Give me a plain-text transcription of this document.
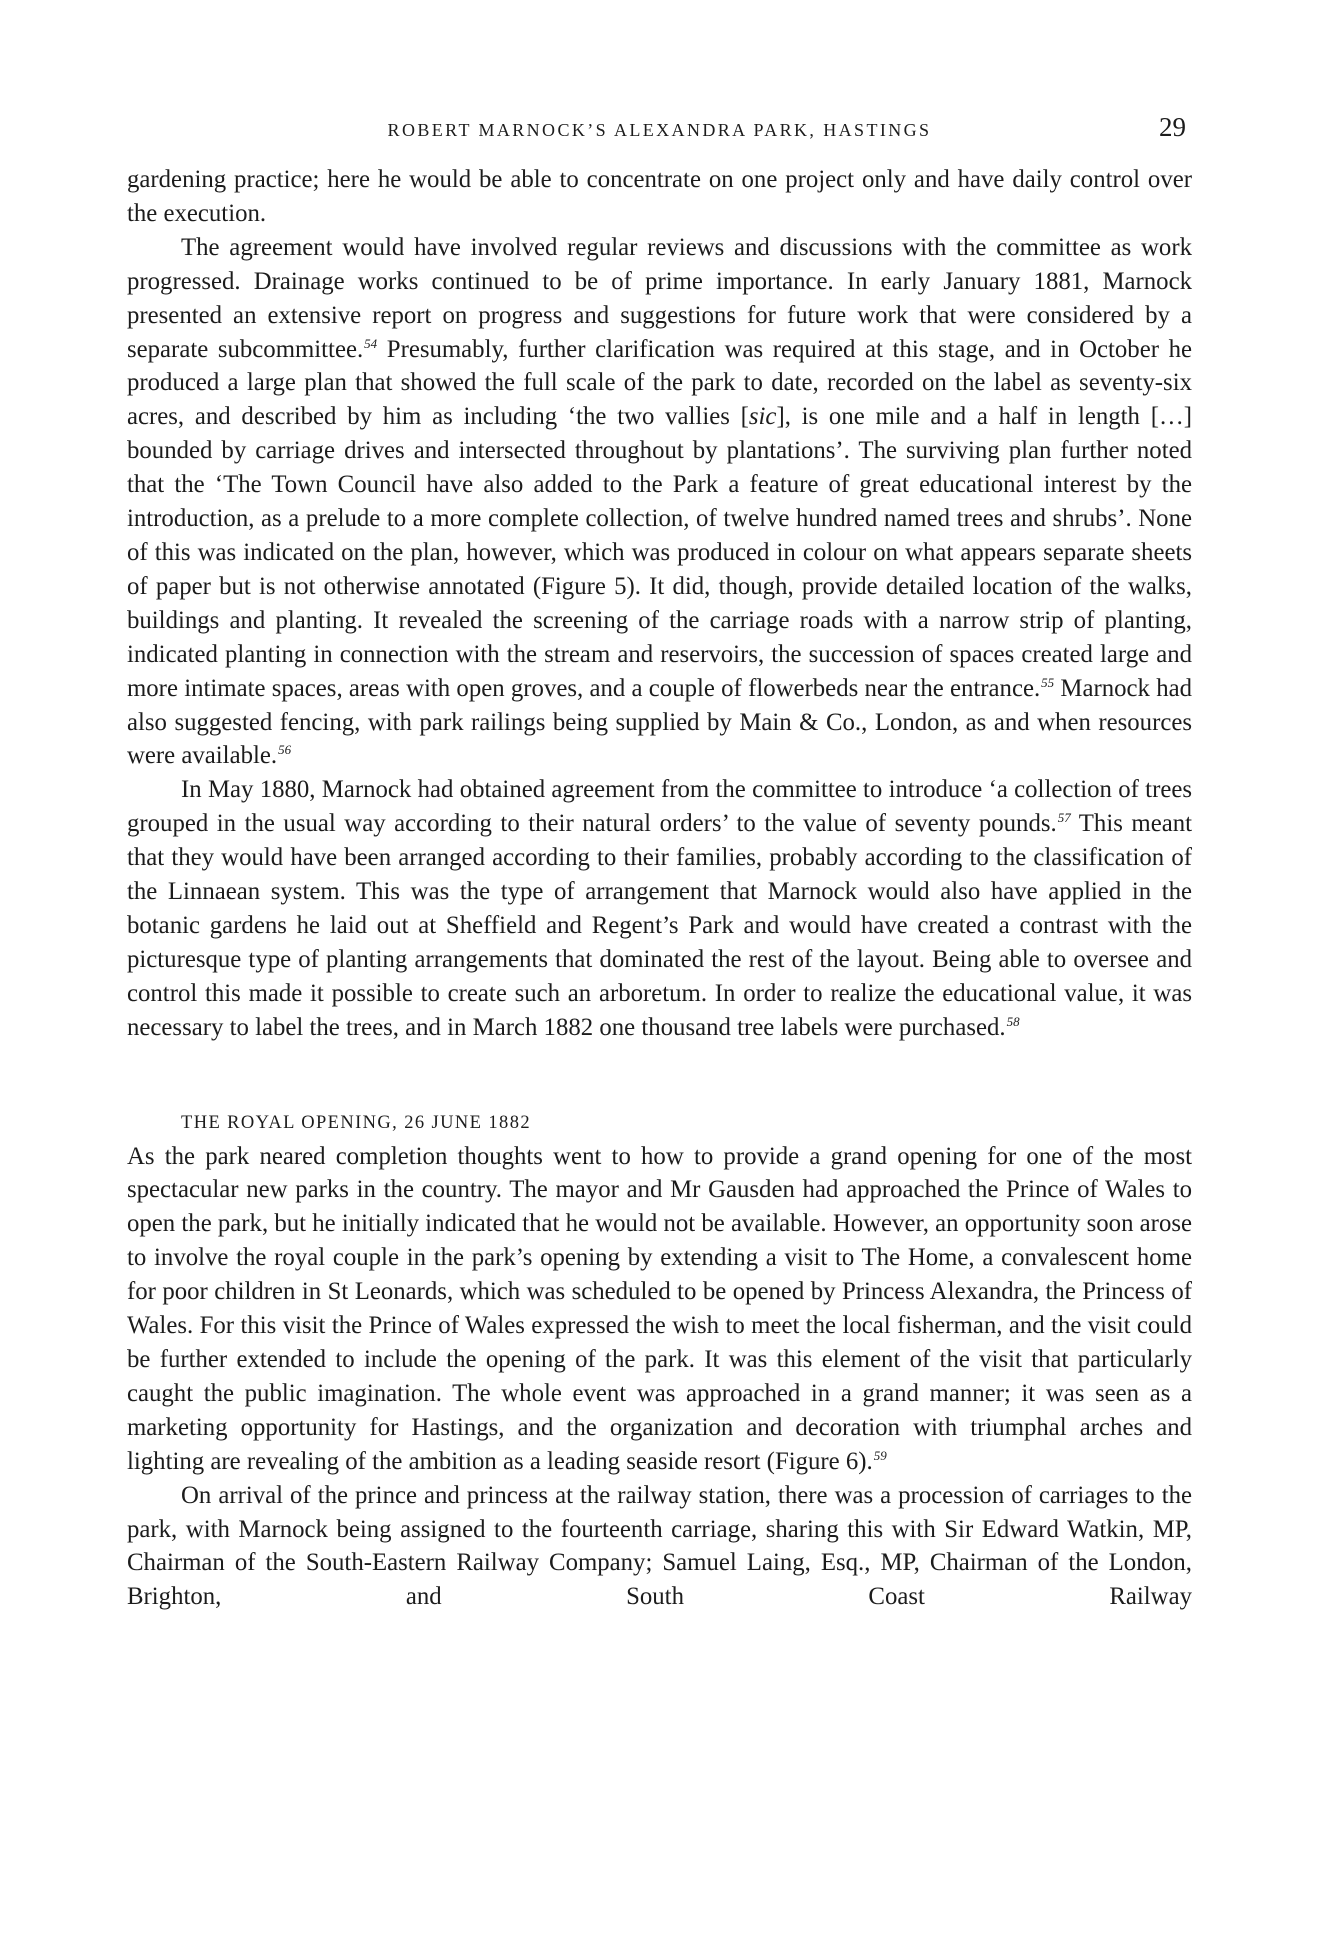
ROBERT MARNOCK’S ALEXANDRA PARK, HASTINGS	29

gardening practice; here he would be able to concentrate on one project only and have daily control over the execution.

The agreement would have involved regular reviews and discussions with the committee as work progressed. Drainage works continued to be of prime importance. In early January 1881, Marnock presented an extensive report on progress and suggestions for future work that were considered by a separate subcommittee.$^{54}$ Presumably, further clarification was required at this stage, and in October he produced a large plan that showed the full scale of the park to date, recorded on the label as seventy-six acres, and described by him as including ‘the two vallies [sic], is one mile and a half in length […] bounded by carriage drives and intersected throughout by plantations’. The surviving plan further noted that the ‘The Town Council have also added to the Park a feature of great educational interest by the introduction, as a prelude to a more complete collection, of twelve hundred named trees and shrubs’. None of this was indicated on the plan, however, which was produced in colour on what appears separate sheets of paper but is not otherwise annotated (Figure 5). It did, though, provide detailed location of the walks, buildings and planting. It revealed the screening of the carriage roads with a narrow strip of planting, indicated planting in connection with the stream and reservoirs, the succession of spaces created large and more intimate spaces, areas with open groves, and a couple of flowerbeds near the entrance.$^{55}$ Marnock had also suggested fencing, with park railings being supplied by Main & Co., London, as and when resources were available.$^{56}$

In May 1880, Marnock had obtained agreement from the committee to introduce ‘a collection of trees grouped in the usual way according to their natural orders’ to the value of seventy pounds.$^{57}$ This meant that they would have been arranged according to their families, probably according to the classification of the Linnaean system. This was the type of arrangement that Marnock would also have applied in the botanic gardens he laid out at Sheffield and Regent’s Park and would have created a contrast with the picturesque type of planting arrangements that dominated the rest of the layout. Being able to oversee and control this made it possible to create such an arboretum. In order to realize the educational value, it was necessary to label the trees, and in March 1882 one thousand tree labels were purchased.$^{58}$

THE ROYAL OPENING, 26 JUNE 1882

As the park neared completion thoughts went to how to provide a grand opening for one of the most spectacular new parks in the country. The mayor and Mr Gausden had approached the Prince of Wales to open the park, but he initially indicated that he would not be available. However, an opportunity soon arose to involve the royal couple in the park’s opening by extending a visit to The Home, a convalescent home for poor children in St Leonards, which was scheduled to be opened by Princess Alexandra, the Princess of Wales. For this visit the Prince of Wales expressed the wish to meet the local fisherman, and the visit could be further extended to include the opening of the park. It was this element of the visit that particularly caught the public imagination. The whole event was approached in a grand manner; it was seen as a marketing opportunity for Hastings, and the organization and decoration with triumphal arches and lighting are revealing of the ambition as a leading seaside resort (Figure 6).$^{59}$

On arrival of the prince and princess at the railway station, there was a procession of carriages to the park, with Marnock being assigned to the fourteenth carriage, sharing this with Sir Edward Watkin, MP, Chairman of the South-Eastern Railway Company; Samuel Laing, Esq., MP, Chairman of the London, Brighton, and South Coast Railway
